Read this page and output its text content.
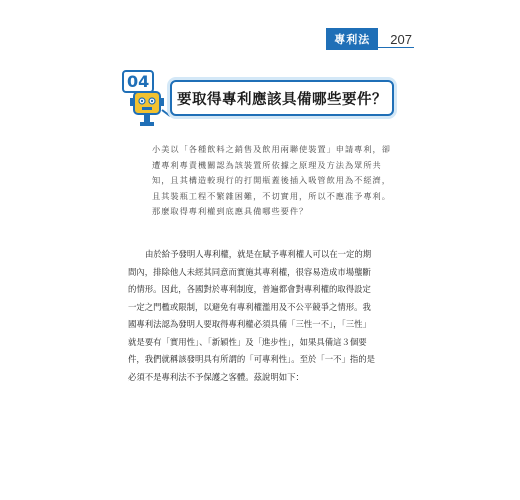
專利法	207
04
要取得專利應該具備哪些要件？

小美以「各種飲料之銷售及飲用兩聯使裝置」申請專利，卻

遭專利專責機關認為該裝置所依據之原理及方法為眾所共

知，且其構造較現行的打開瓶蓋後插入吸管飲用為不經濟，

且其裝瓶工程不繁雜困難，不切實用，所以不應准予專利。

那麼取得專利權到底應具備哪些要件？

由於給予發明人專利權，就是在賦予專利權人可以在一定的期

間內，排除他人未經其同意而實施其專利權，很容易造成市場壟斷

的情形。因此，各國對於專利制度，普遍都會對專利權的取得設定

一定之門檻或限制，以避免有專利權濫用及不公平競爭之情形。我

國專利法認為發明人要取得專利權必須具備「三性一不」，「三性」

就是要有「實用性」、「新穎性」及「進步性」，如果具備這３個要

件，我們就稱該發明具有所謂的「可專利性」。至於「一不」指的是

必須不是專利法不予保護之客體。茲說明如下：
